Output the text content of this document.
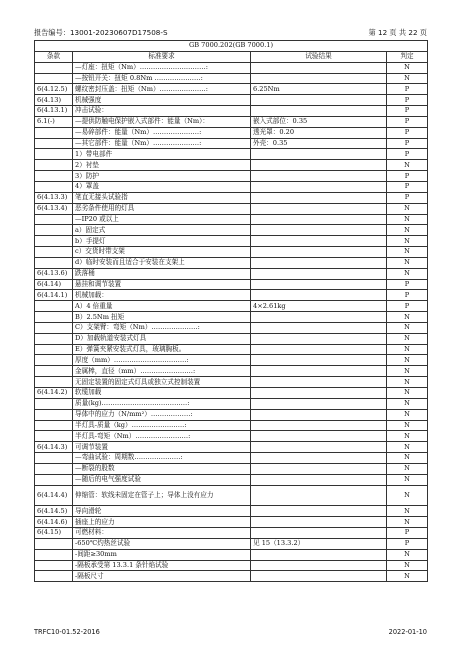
报告编号：13001-20230607D17508-S	第 12 页 共 22 页
GB 7000.202(GB 7000.1)			
条款	标准要求	试验结果	判定
	—灯座：扭矩（Nm）…………………………:		N
	—按钮开关：扭矩 0.8Nm …………………:		N
6(4.12.5)	螺纹密封压盖：扭矩（Nm）…………………:	6.25Nm	P
6(4.13)	机械强度		P
6(4.13.1)	冲击试验：		P
6.1(-)	—提供防触电保护嵌入式部件：能量（Nm）：	嵌入式部位：0.35	P
	—易碎部件：能量（Nm）…………………:	透光罩：0.20	P
	—其它部件：能量（Nm）…………………:	外壳：0.35	P
	1）带电部件		P
	2）衬垫		N
	3）防护		P
	4）罩盖		P
6(4.13.3)	笔直无接头试验指		P
6(4.13.4)	恶劣条件使用的灯具		N
	—IP20 或以上		N
	a）固定式		N
	b）手提灯		N
	c）交货时带支架		N
	d）临时安装而且适合于安装在支架上		N
6(4.13.6)	跌落桶		N
6(4.14)	悬挂和调节装置		P
6(4.14.1)	机械加载：		P
	A）4 倍重量	4×2.61kg	P
	B）2.5Nm 扭矩		N
	C）支架臂：弯矩（Nm）…………………:		N
	D）加载轨道安装式灯具		N
	E）弹簧夹紧安装式灯具，玻璃胸板。		N
	厚度（mm）……………………………:		N
	金属棒，直径（mm）……………………:		N
	无固定装置的固定式灯具或独立式控制装置		N
6(4.14.2)	软缆加载		N
	质量(kg)…………………………………:		N
	导体中的应力（N/mm²）………………:		N
	半灯具-质量（kg）……………………:		N
	半灯具-弯矩（Nm）……………………:		N
6(4.14.3)	可调节装置		N
	—弯曲试验：周期数…………………:		N
	—断裂的股数		N
	—随后的电气强度试验		N
6(4.14.4)	伸缩管：软线未固定在管子上；导体上没有应力		N
6(4.14.5)	导向滑轮		N
6(4.14.6)	插座上的应力		N
6(4.15)	可燃材料：		P
	-650℃灼热丝试验	见 15（13.3.2）	P
	-间距≥30mm		N
	-隔板承受第 13.3.1 条针焰试验		N
	-隔板尺寸		N
TRFC10-01.52-2016	2022-01-10
